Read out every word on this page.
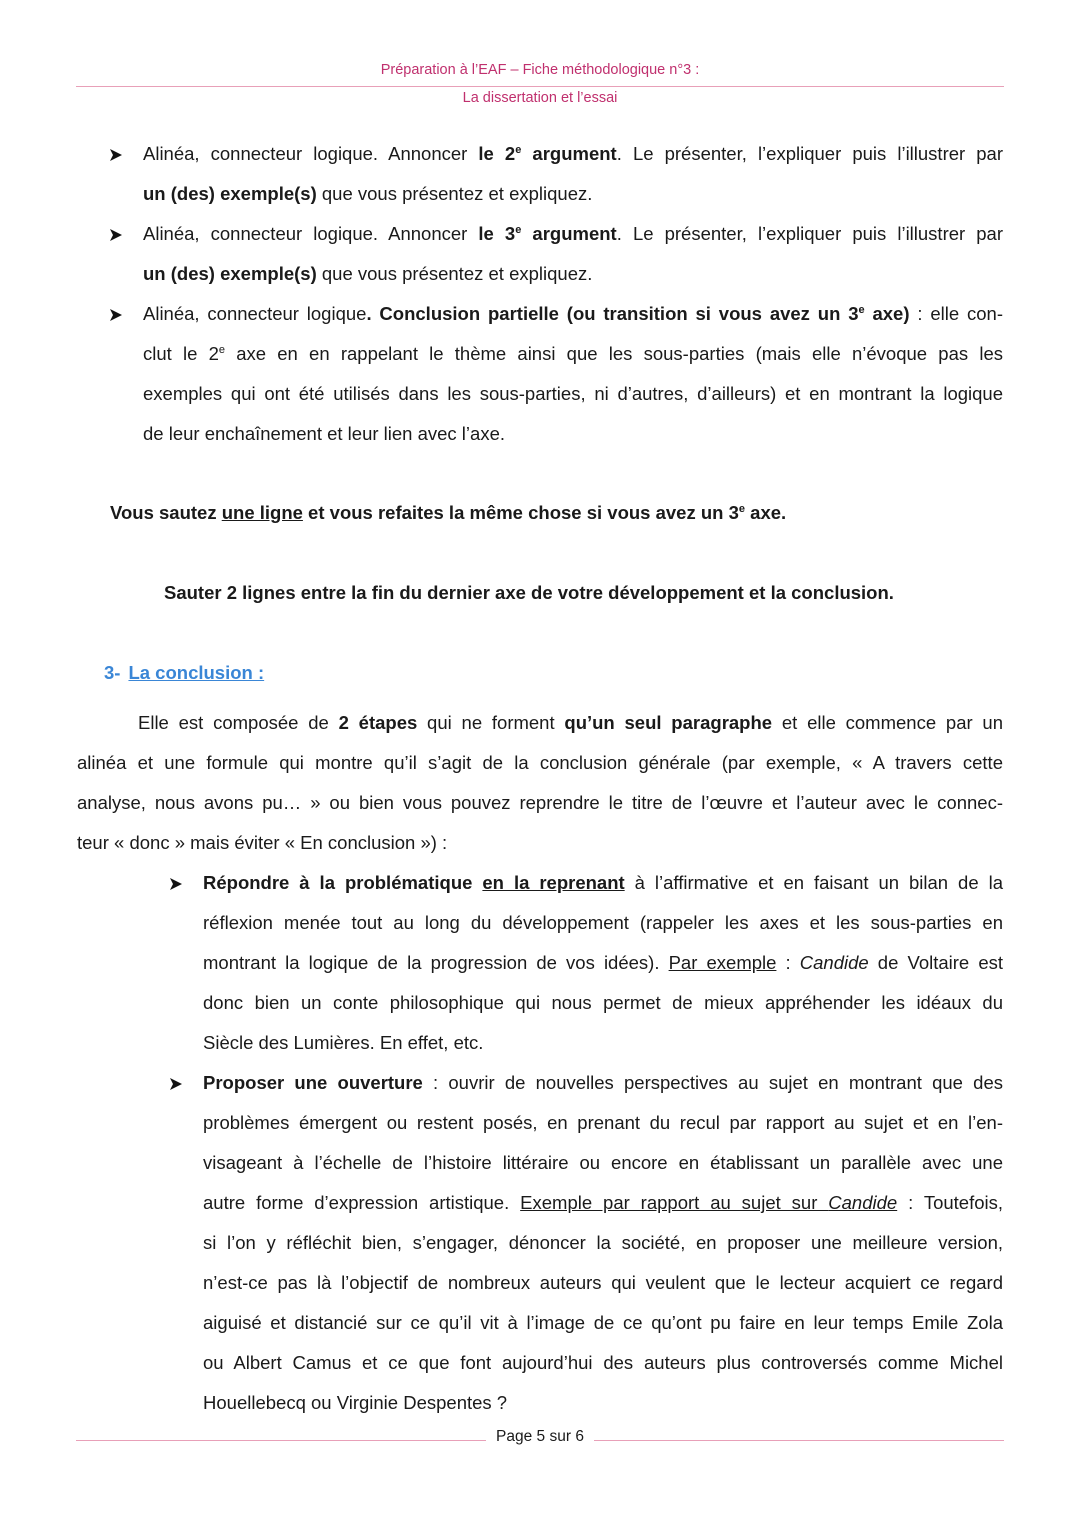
Préparation à l’EAF – Fiche méthodologique n°3 :
La dissertation et l’essai
Alinéa, connecteur logique. Annoncer le 2e argument. Le présenter, l’expliquer puis l’illustrer par
un (des) exemple(s) que vous présentez et expliquez.
Alinéa, connecteur logique. Annoncer le 3e argument. Le présenter, l’expliquer puis l’illustrer par
un (des) exemple(s) que vous présentez et expliquez.
Alinéa, connecteur logique. Conclusion partielle (ou transition si vous avez un 3e axe) : elle con-
clut le 2e axe en en rappelant le thème ainsi que les sous-parties (mais elle n’évoque pas les
exemples qui ont été utilisés dans les sous-parties, ni d’autres, d’ailleurs) et en montrant la logique
de leur enchaînement et leur lien avec l’axe.
Vous sautez une ligne et vous refaites la même chose si vous avez un 3e axe.
Sauter 2 lignes entre la fin du dernier axe de votre développement et la conclusion.
3- La conclusion :
Elle est composée de 2 étapes qui ne forment qu’un seul paragraphe et elle commence par un
alinéa et une formule qui montre qu’il s’agit de la conclusion générale (par exemple, « A travers cette
analyse, nous avons pu… » ou bien vous pouvez reprendre le titre de l’œuvre et l’auteur avec le connec-
teur « donc » mais éviter « En conclusion ») :
Répondre à la problématique en la reprenant à l’affirmative et en faisant un bilan de la
réflexion menée tout au long du développement (rappeler les axes et les sous-parties en
montrant la logique de la progression de vos idées). Par exemple : Candide de Voltaire est
donc bien un conte philosophique qui nous permet de mieux appréhender les idéaux du
Siècle des Lumières. En effet, etc.
Proposer une ouverture : ouvrir de nouvelles perspectives au sujet en montrant que des
problèmes émergent ou restent posés, en prenant du recul par rapport au sujet et en l’en-
visageant à l’échelle de l’histoire littéraire ou encore en établissant un parallèle avec une
autre forme d’expression artistique. Exemple par rapport au sujet sur Candide : Toutefois,
si l’on y réfléchit bien, s’engager, dénoncer la société, en proposer une meilleure version,
n’est-ce pas là l’objectif de nombreux auteurs qui veulent que le lecteur acquiert ce regard
aiguisé et distancié sur ce qu’il vit à l’image de ce qu’ont pu faire en leur temps Emile Zola
ou Albert Camus et ce que font aujourd’hui des auteurs plus controversés comme Michel
Houellebecq ou Virginie Despentes ?
Page 5 sur 6
